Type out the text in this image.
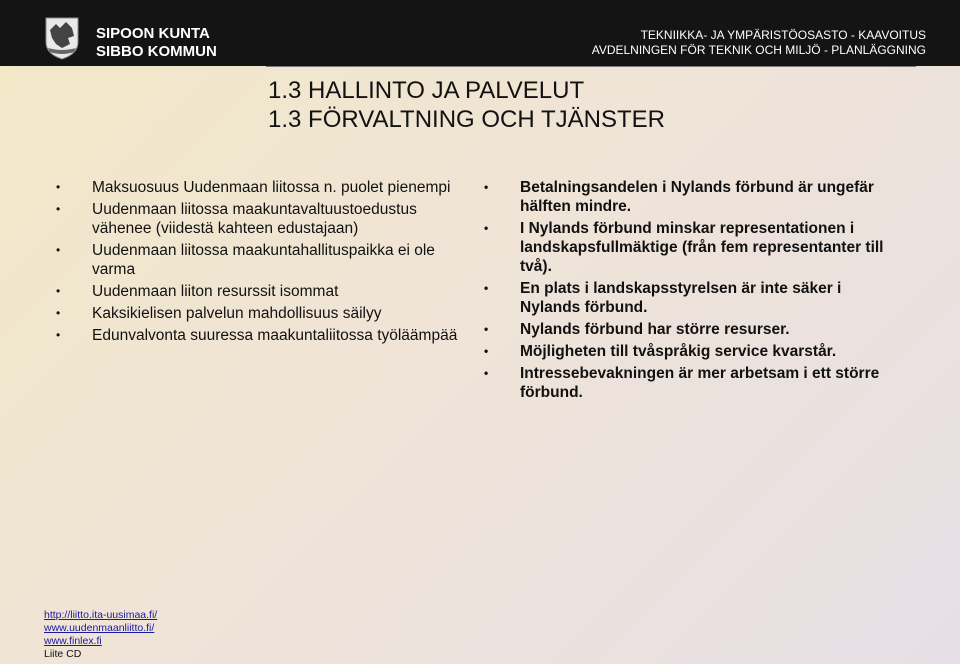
SIPOON KUNTA
SIBBO KOMMUN
TEKNIIKKA- JA YMPÄRISTÖOSASTO - KAAVOITUS
AVDELNINGEN FÖR TEKNIK OCH MILJÖ - PLANLÄGGNING
1.3 HALLINTO JA PALVELUT
1.3 FÖRVALTNING OCH TJÄNSTER
• Maksuosuus Uudenmaan liitossa n. puolet pienempi
• Uudenmaan liitossa maakuntavaltuustoedustus vähenee (viidestä kahteen edustajaan)
• Uudenmaan liitossa maakuntahallituspaikka ei ole varma
• Uudenmaan liiton resurssit isommat
• Kaksikielisen palvelun mahdollisuus säilyy
• Edunvalvonta suuressa maakuntaliitossa työläämpää
• Betalningsandelen i Nylands förbund är ungefär hälften mindre.
• I Nylands förbund minskar representationen i landskapsfullmäktige (från fem representanter till två).
• En plats i landskapsstyrelsen är inte säker i Nylands förbund.
• Nylands förbund har större resurser.
• Möjligheten till tvåspråkig service kvarstår.
• Intressebevakningen är mer arbetsam i ett större förbund.
http://liitto.ita-uusimaa.fi/
www.uudenmaanliitto.fi/
www.finlex.fi
Liite CD
